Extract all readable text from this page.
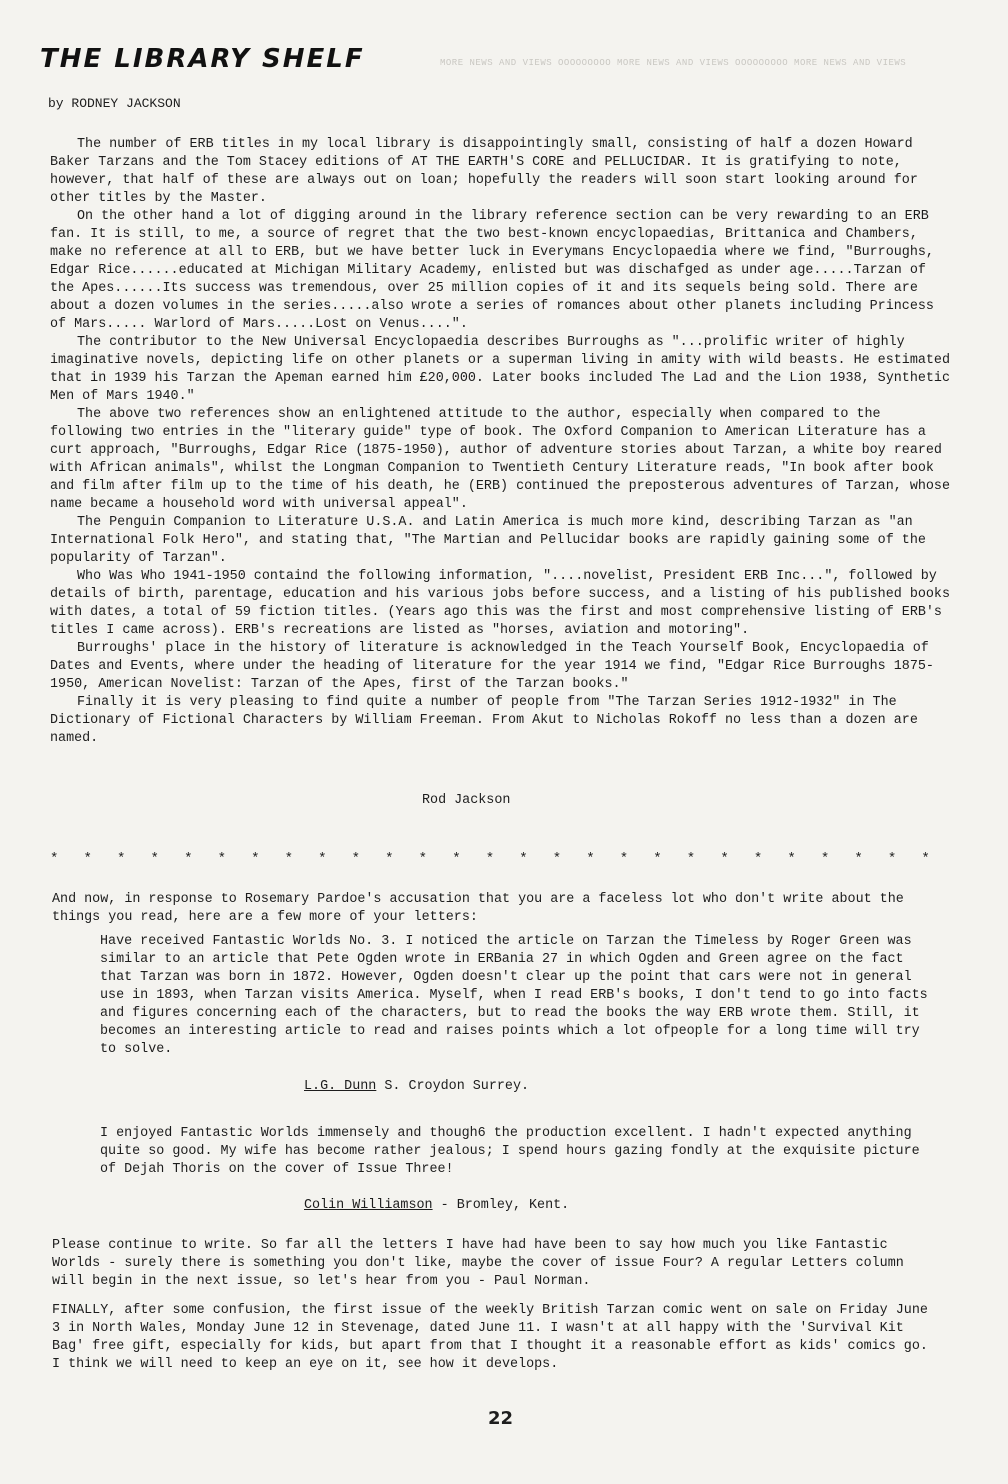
MORE NEWS AND VIEWS OOOOOOOOO MORE NEWS AND VIEWS OOOOOOOOO MORE NEWS AND VIEWS
THE LIBRARY SHELF
by RODNEY JACKSON

The number of ERB titles in my local library is disappointingly small, consisting of half a dozen Howard Baker Tarzans and the Tom Stacey editions of AT THE EARTH'S CORE and PELLUCIDAR. It is gratifying to note, however, that half of these are always out on loan; hopefully the readers will soon start looking around for other titles by the Master.

On the other hand a lot of digging around in the library reference section can be very rewarding to an ERB fan. It is still, to me, a source of regret that the two best-known encyclopaedias, Brittanica and Chambers, make no reference at all to ERB, but we have better luck in Everymans Encyclopaedia where we find, "Burroughs, Edgar Rice......educated at Michigan Military Academy, enlisted but was dischafged as under age.....Tarzan of the Apes......Its success was tremendous, over 25 million copies of it and its sequels being sold. There are about a dozen volumes in the series.....also wrote a series of romances about other planets including Princess of Mars..... Warlord of Mars.....Lost on Venus....".

The contributor to the New Universal Encyclopaedia describes Burroughs as "...prolific writer of highly imaginative novels, depicting life on other planets or a superman living in amity with wild beasts. He estimated that in 1939 his Tarzan the Apeman earned him £20,000. Later books included The Lad and the Lion 1938, Synthetic Men of Mars 1940."

The above two references show an enlightened attitude to the author, especially when compared to the following two entries in the "literary guide" type of book. The Oxford Companion to American Literature has a curt approach, "Burroughs, Edgar Rice (1875-1950), author of adventure stories about Tarzan, a white boy reared with African animals", whilst the Longman Companion to Twentieth Century Literature reads, "In book after book and film after film up to the time of his death, he (ERB) continued the preposterous adventures of Tarzan, whose name became a household word with universal appeal".

The Penguin Companion to Literature U.S.A. and Latin America is much more kind, describing Tarzan as "an International Folk Hero", and stating that, "The Martian and Pellucidar books are rapidly gaining some of the popularity of Tarzan".

Who Was Who 1941-1950 containd the following information, "....novelist, President ERB Inc...", followed by details of birth, parentage, education and his various jobs before success, and a listing of his published books with dates, a total of 59 fiction titles. (Years ago this was the first and most comprehensive listing of ERB's titles I came across). ERB's recreations are listed as "horses, aviation and motoring".

Burroughs' place in the history of literature is acknowledged in the Teach Yourself Book, Encyclopaedia of Dates and Events, where under the heading of literature for the year 1914 we find, "Edgar Rice Burroughs 1875-1950, American Novelist: Tarzan of the Apes, first of the Tarzan books."

Finally it is very pleasing to find quite a number of people from "The Tarzan Series 1912-1932" in The Dictionary of Fictional Characters by William Freeman. From Akut to Nicholas Rokoff no less than a dozen are named.

Rod Jackson
* * * * * * * * * * * * * * * * * * * * * * * * * * *
And now, in response to Rosemary Pardoe's accusation that you are a faceless lot who don't write about the things you read, here are a few more of your letters:
Have received Fantastic Worlds No. 3. I noticed the article on Tarzan the Timeless by Roger Green was similar to an article that Pete Ogden wrote in ERBania 27 in which Ogden and Green agree on the fact that Tarzan was born in 1872. However, Ogden doesn't clear up the point that cars were not in general use in 1893, when Tarzan visits America. Myself, when I read ERB's books, I don't tend to go into facts and figures concerning each of the characters, but to read the books the way ERB wrote them. Still, it becomes an interesting article to read and raises points which a lot ofpeople for a long time will try to solve.
L.G. Dunn S. Croydon Surrey.
I enjoyed Fantastic Worlds immensely and though6 the production excellent. I hadn't expected anything quite so good. My wife has become rather jealous; I spend hours gazing fondly at the exquisite picture of Dejah Thoris on the cover of Issue Three!
Colin Williamson - Bromley, Kent.
Please continue to write. So far all the letters I have had have been to say how much you like Fantastic Worlds - surely there is something you don't like, maybe the cover of issue Four? A regular Letters column will begin in the next issue, so let's hear from you - Paul Norman.
FINALLY, after some confusion, the first issue of the weekly British Tarzan comic went on sale on Friday June 3 in North Wales, Monday June 12 in Stevenage, dated June 11. I wasn't at all happy with the 'Survival Kit Bag' free gift, especially for kids, but apart from that I thought it a reasonable effort as kids' comics go. I think we will need to keep an eye on it, see how it develops.
22
